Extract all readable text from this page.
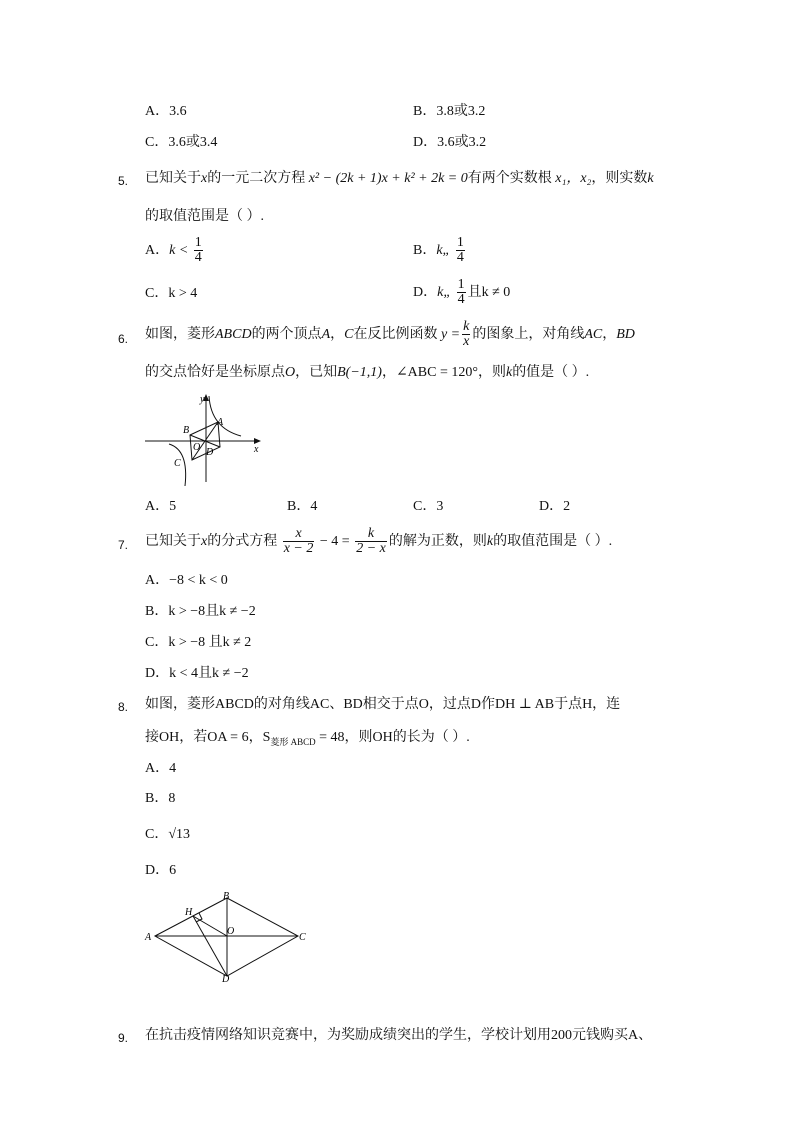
A．3.6	B．3.8或3.2
C．3.6或3.4	D．3.6或3.2
5. 已知关于x的一元二次方程 x² − (2k + 1)x + k² + 2k = 0有两个实数根 x₁，x₂，则实数k
的取值范围是（ ）.
A．$k < \frac{1}{4}$	B．k„ $\frac{1}{4}$
C．k > 4	D．k„ $\frac{1}{4}$ 且k ≠ 0
6. 如图，菱形ABCD的两个顶点A，C在反比例函数 $y = \frac{k}{x}$ 的图象上，对角线AC，BD
的交点恰好是坐标原点O，已知B(−1,1)，∠ABC = 120°，则k的值是（ ）.
y
x
A
B
C
D
O
A．5	B．4	C．3	D．2
7. 已知关于x的分式方程 $\frac{x}{x - 2} - 4 = \frac{k}{2 - x}$ 的解为正数，则k的取值范围是（ ）.
A．−8 < k < 0
B．k > −8且k ≠ −2
C．k > −8 且k ≠ 2
D．k < 4且k ≠ −2
8. 如图，菱形ABCD的对角线AC、BD相交于点O，过点D作DH ⊥ AB于点H，连
接OH，若OA = 6，$S_{菱形 ABCD} = 48$，则OH的长为（ ）.
A．4
B．8
C．√13
D．6
A
B
C
D
H
O
9. 在抗击疫情网络知识竞赛中，为奖励成绩突出的学生，学校计划用200元钱购买A、
